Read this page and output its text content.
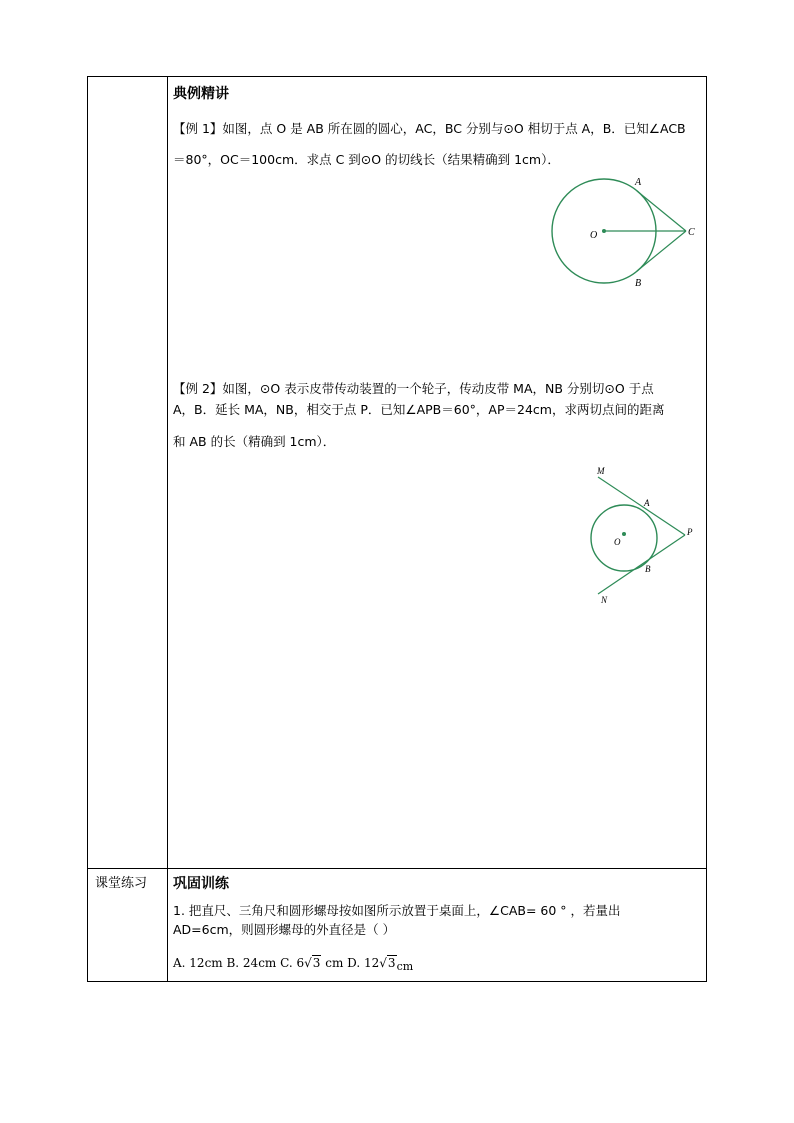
典例精讲
【例 1】如图，点 O 是 AB 所在圆的圆心，AC，BC 分别与⊙O 相切于点 A，B．已知∠ACB
＝80°，OC＝100cm．求点 C 到⊙O 的切线长（结果精确到 1cm）．
A
B
C
O
【例 2】如图，⊙O 表示皮带传动装置的一个轮子，传动皮带 MA，NB 分别切⊙O 于点
A，B．延长 MA，NB，相交于点 P．已知∠APB＝60°，AP＝24cm，求两切点间的距离
和 AB 的长（精确到 1cm）．
M
A
P
O
B
N
课堂练习 巩固训练
1. 把直尺、三角尺和圆形螺母按如图所示放置于桌面上，∠CAB= 60 ° ，若量出
AD=6cm，则圆形螺母的外直径是（ ）
A. 12cm B. 24cm C. 6√3 cm D. 12√3cm
